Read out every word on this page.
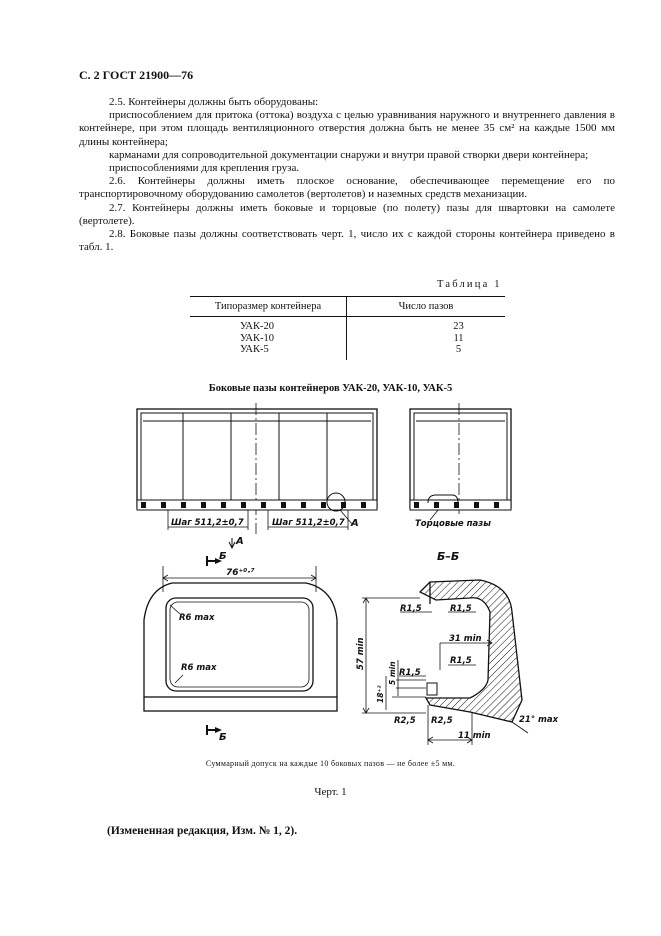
С. 2 ГОСТ 21900—76

2.5. Контейнеры должны быть оборудованы:

приспособлением для притока (оттока) воздуха с целью уравнивания наружного и внутреннего давления в контейнере, при этом площадь вентиляционного отверстия должна быть не менее 35 см² на каждые 1500 мм длины контейнера;

карманами для сопроводительной документации снаружи и внутри правой створки двери контейнера;

приспособлениями для крепления груза.

2.6. Контейнеры должны иметь плоское основание, обеспечивающее перемещение его по транспортировочному оборудованию самолетов (вертолетов) и наземных средств механизации.

2.7. Контейнеры должны иметь боковые и торцовые (по полету) пазы для швартовки на самолете (вертолете).

2.8. Боковые пазы должны соответствовать черт. 1, число их с каждой стороны контейнера приведено в табл. 1.

Таблица 1
Типоразмер контейнера	Число пазов
УАК-20	23
УАК-10	11
УАК-5	5
Боковые пазы контейнеров УАК-20, УАК-10, УАК-5
Шаг 511,2±0,7	Шаг 511,2±0,7 А
А
Торцовые пазы
Б
76⁺⁰·⁷
R6 max
R6 max
Б
Б–Б
R1,5	R1,5
31 min
R1,5
R1,5
57 min
5 min
18⁺²
R2,5 R2,5	21° max
11 min
Суммарный допуск на каждые 10 боковых пазов — не более ±5 мм.
Черт. 1
(Измененная редакция, Изм. № 1, 2).
